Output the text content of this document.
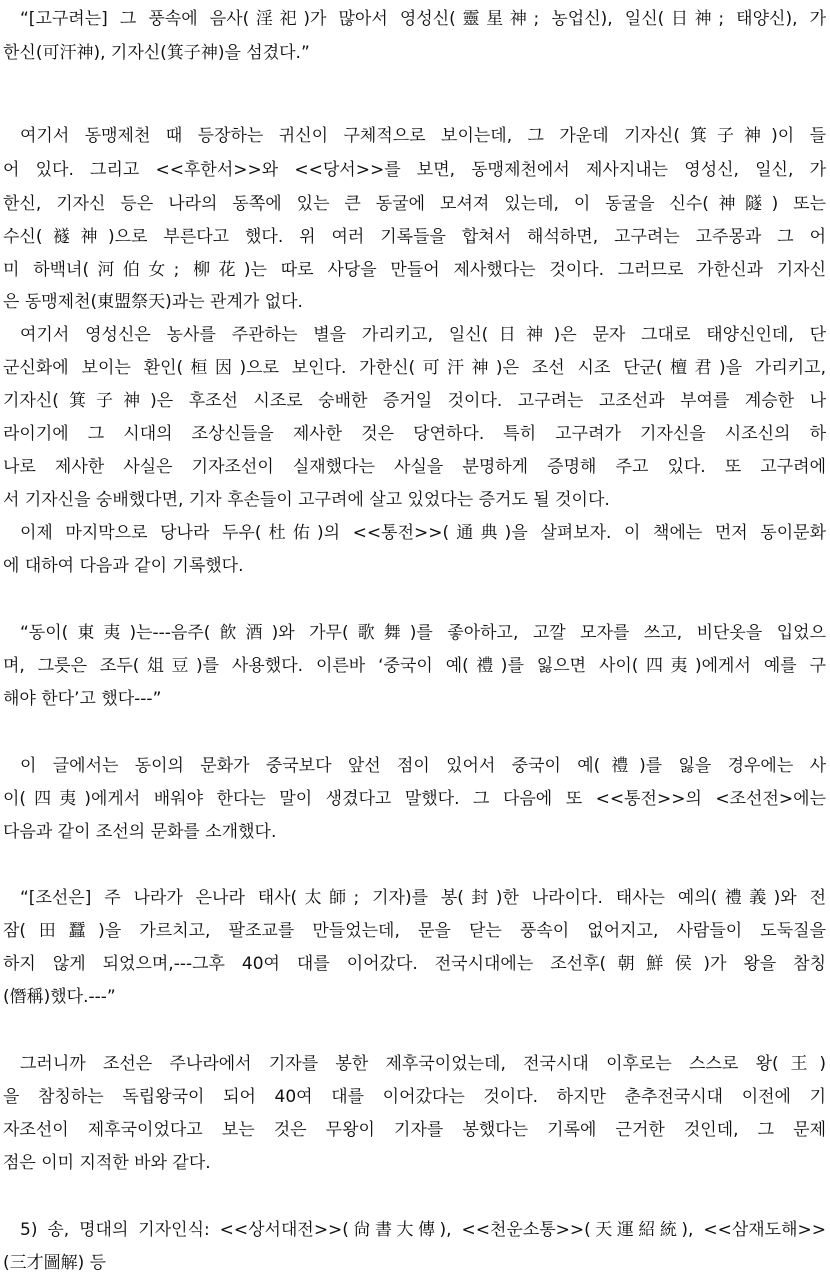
“[고구려는] 그 풍속에 음사(淫祀)가 많아서 영성신(靈星神; 농업신), 일신(日神; 태양신), 가
한신(可汗神), 기자신(箕子神)을 섬겼다.”
여기서 동맹제천 때 등장하는 귀신이 구체적으로 보이는데, 그 가운데 기자신(箕子神)이 들
어 있다. 그리고 <<후한서>>와 <<당서>>를 보면, 동맹제천에서 제사지내는 영성신, 일신, 가
한신, 기자신 등은 나라의 동쪽에 있는 큰 동굴에 모셔져 있는데, 이 동굴을 신수(神隧) 또는
수신(襚神)으로 부른다고 했다. 위 여러 기록들을 합쳐서 해석하면, 고구려는 고주몽과 그 어
미 하백녀(河伯女; 柳花)는 따로 사당을 만들어 제사했다는 것이다. 그러므로 가한신과 기자신
은 동맹제천(東盟祭天)과는 관계가 없다.
여기서 영성신은 농사를 주관하는 별을 가리키고, 일신(日神)은 문자 그대로 태양신인데, 단
군신화에 보이는 환인(桓因)으로 보인다. 가한신(可汗神)은 조선 시조 단군(檀君)을 가리키고,
기자신(箕子神)은 후조선 시조로 숭배한 증거일 것이다. 고구려는 고조선과 부여를 계승한 나
라이기에 그 시대의 조상신들을 제사한 것은 당연하다. 특히 고구려가 기자신을 시조신의 하
나로 제사한 사실은 기자조선이 실재했다는 사실을 분명하게 증명해 주고 있다. 또 고구려에
서 기자신을 숭배했다면, 기자 후손들이 고구려에 살고 있었다는 증거도 될 것이다.
이제 마지막으로 당나라 두우(杜佑)의 <<통전>>(通典)을 살펴보자. 이 책에는 먼저 동이문화
에 대하여 다음과 같이 기록했다.
“동이(東夷)는---음주(飮酒)와 가무(歌舞)를 좋아하고, 고깔 모자를 쓰고, 비단옷을 입었으
며, 그릇은 조두(俎豆)를 사용했다. 이른바 ‘중국이 예(禮)를 잃으면 사이(四夷)에게서 예를 구
해야 한다’고 했다---”
이 글에서는 동이의 문화가 중국보다 앞선 점이 있어서 중국이 예(禮)를 잃을 경우에는 사
이(四夷)에게서 배워야 한다는 말이 생겼다고 말했다. 그 다음에 또 <<통전>>의 <조선전>에는
다음과 같이 조선의 문화를 소개했다.
“[조선은] 주 나라가 은나라 태사(太師; 기자)를 봉(封)한 나라이다. 태사는 예의(禮義)와 전
잠(田蠶)을 가르치고, 팔조교를 만들었는데, 문을 닫는 풍속이 없어지고, 사람들이 도둑질을
하지 않게 되었으며,---그후 40여 대를 이어갔다. 전국시대에는 조선후(朝鮮侯)가 왕을 참칭
(僭稱)했다.---”
그러니까 조선은 주나라에서 기자를 봉한 제후국이었는데, 전국시대 이후로는 스스로 왕(王)
을 참칭하는 독립왕국이 되어 40여 대를 이어갔다는 것이다. 하지만 춘추전국시대 이전에 기
자조선이 제후국이었다고 보는 것은 무왕이 기자를 봉했다는 기록에 근거한 것인데, 그 문제
점은 이미 지적한 바와 같다.
5) 송, 명대의 기자인식: <<상서대전>>(尙書大傳), <<천운소통>>(天運紹統), <<삼재도해>>
(三才圖解) 등
